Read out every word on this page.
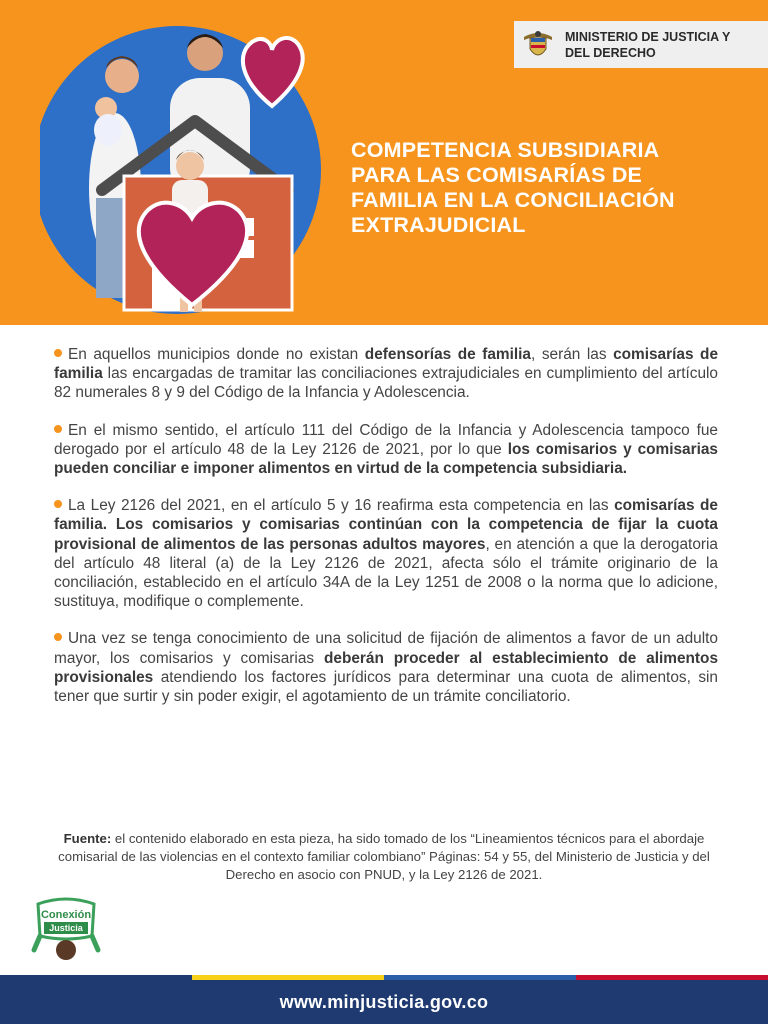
MINISTERIO DE JUSTICIA Y
DEL DERECHO
COMPETENCIA SUBSIDIARIA
PARA LAS COMISARÍAS DE
FAMILIA EN LA CONCILIACIÓN
EXTRAJUDICIAL

En aquellos municipios donde no existan defensorías de familia, serán las comisarías de familia las encargadas de tramitar las conciliaciones extrajudiciales en cumplimiento del artículo 82 numerales 8 y 9 del Código de la Infancia y Adolescencia.

En el mismo sentido, el artículo 111 del Código de la Infancia y Adolescencia tampoco fue derogado por el artículo 48 de la Ley 2126 de 2021, por lo que los comisarios y comisarias pueden conciliar e imponer alimentos en virtud de la competencia subsidiaria.

La Ley 2126 del 2021, en el artículo 5 y 16 reafirma esta competencia en las comisarías de familia. Los comisarios y comisarias continúan con la competencia de fijar la cuota provisional de alimentos de las personas adultos mayores, en atención a que la derogatoria del artículo 48 literal (a) de la Ley 2126 de 2021, afecta sólo el trámite originario de la conciliación, establecido en el artículo 34A de la Ley 1251 de 2008 o la norma que lo adicione, sustituya, modifique o complemente.

Una vez se tenga conocimiento de una solicitud de fijación de alimentos a favor de un adulto mayor, los comisarios y comisarias deberán proceder al establecimiento de alimentos provisionales atendiendo los factores jurídicos para determinar una cuota de alimentos, sin tener que surtir y sin poder exigir, el agotamiento de un trámite conciliatorio.

Fuente: el contenido elaborado en esta pieza, ha sido tomado de los “Lineamientos técnicos para el abordaje comisarial de las violencias en el contexto familiar colombiano” Páginas: 54 y 55, del Ministerio de Justicia y del Derecho en asocio con PNUD, y la Ley 2126 de 2021.
Conexión
Justicia
www.minjusticia.gov.co
